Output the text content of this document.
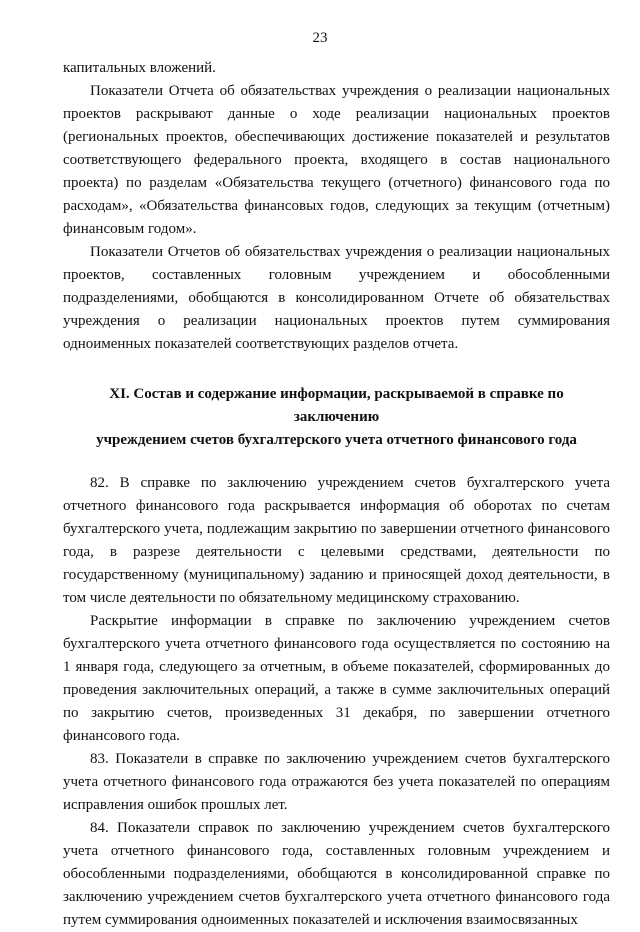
23

капитальных вложений.

Показатели Отчета об обязательствах учреждения о реализации национальных проектов раскрывают данные о ходе реализации национальных проектов (региональных проектов, обеспечивающих достижение показателей и результатов соответствующего федерального проекта, входящего в состав национального проекта) по разделам «Обязательства текущего (отчетного) финансового года по расходам», «Обязательства финансовых годов, следующих за текущим (отчетным) финансовым годом».

Показатели Отчетов об обязательствах учреждения о реализации национальных проектов, составленных головным учреждением и обособленными подразделениями, обобщаются в консолидированном Отчете об обязательствах учреждения о реализации национальных проектов путем суммирования одноименных показателей соответствующих разделов отчета.

XI. Состав и содержание информации, раскрываемой в справке по заключению
учреждением счетов бухгалтерского учета отчетного финансового года

82. В справке по заключению учреждением счетов бухгалтерского учета отчетного финансового года раскрывается информация об оборотах по счетам бухгалтерского учета, подлежащим закрытию по завершении отчетного финансового года, в разрезе деятельности с целевыми средствами, деятельности по государственному (муниципальному) заданию и приносящей доход деятельности, в том числе деятельности по обязательному медицинскому страхованию.

Раскрытие информации в справке по заключению учреждением счетов бухгалтерского учета отчетного финансового года осуществляется по состоянию на 1 января года, следующего за отчетным, в объеме показателей, сформированных до проведения заключительных операций, а также в сумме заключительных операций по закрытию счетов, произведенных 31 декабря, по завершении отчетного финансового года.

83. Показатели в справке по заключению учреждением счетов бухгалтерского учета отчетного финансового года отражаются без учета показателей по операциям исправления ошибок прошлых лет.

84. Показатели справок по заключению учреждением счетов бухгалтерского учета отчетного финансового года, составленных головным учреждением и обособленными подразделениями, обобщаются в консолидированной справке по заключению учреждением счетов бухгалтерского учета отчетного финансового года путем суммирования одноименных показателей и исключения взаимосвязанных
